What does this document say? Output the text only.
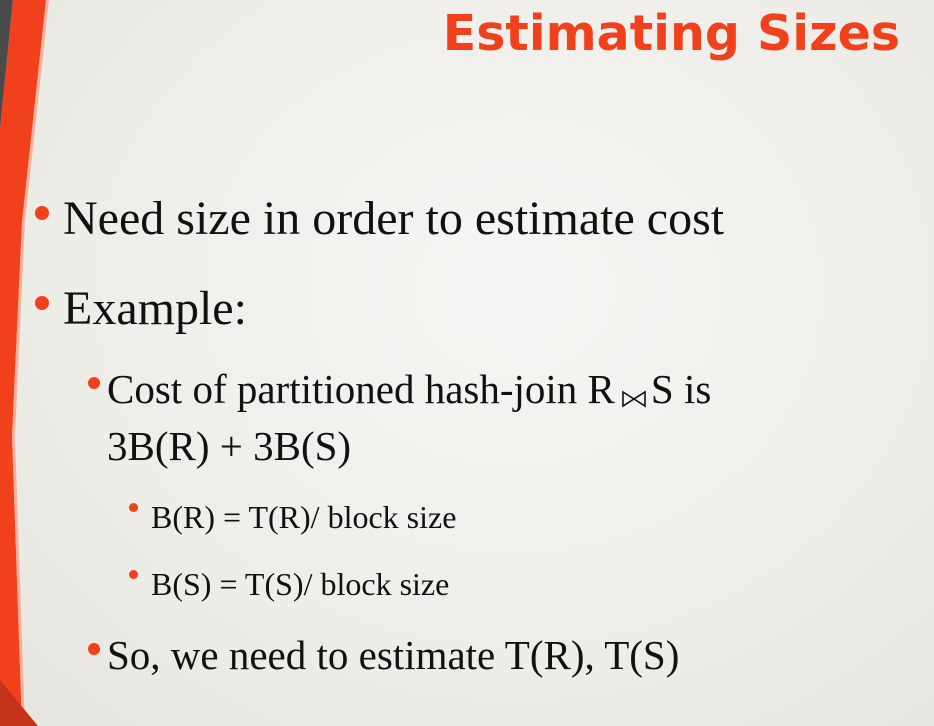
Estimating Sizes
Need size in order to estimate cost
Example:
Cost of partitioned hash-join R S is
3B(R) + 3B(S)
B(R) = T(R)/ block size
B(S) = T(S)/ block size
So, we need to estimate T(R), T(S)
